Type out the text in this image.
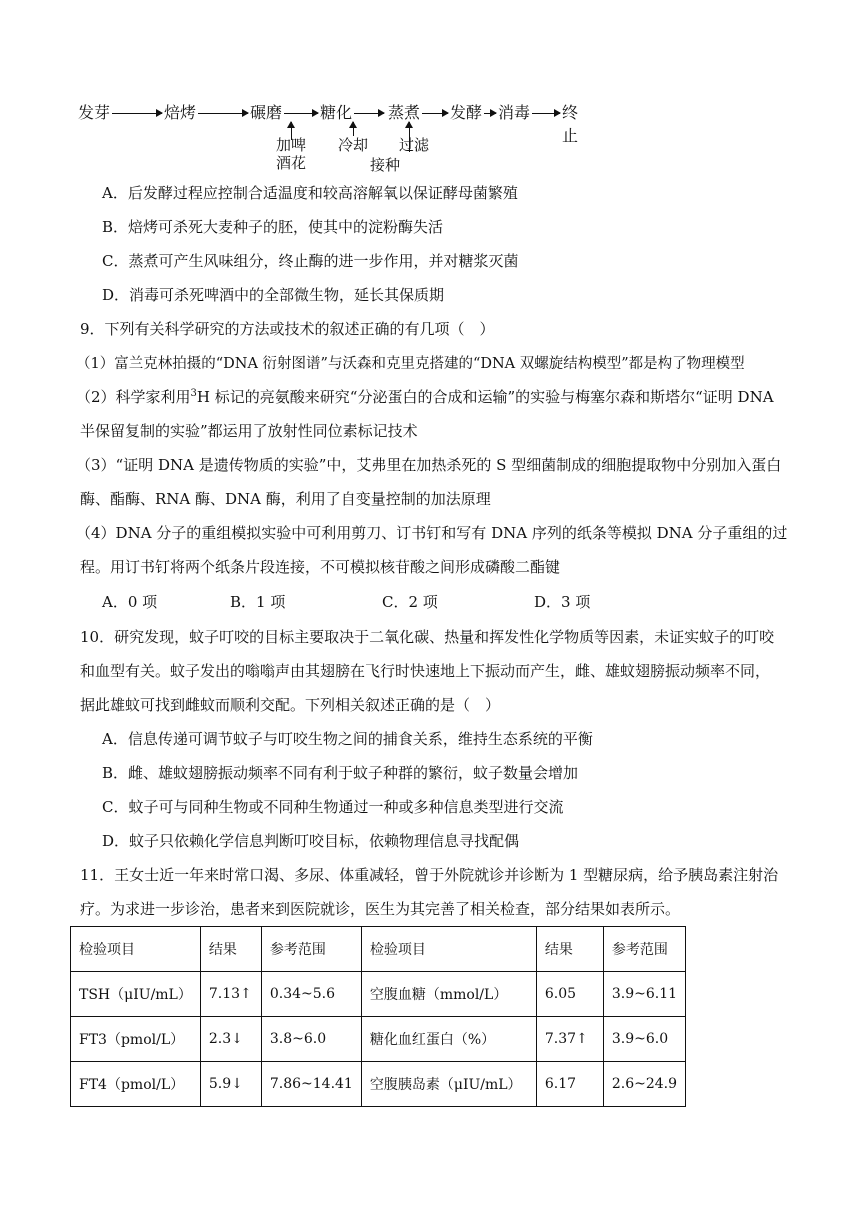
发芽	焙烤	碾磨 糖化 蒸煮 发酵 消毒 终止
加啤
酒花
冷却
接种
过滤
A．后发酵过程应控制合适温度和较高溶解氧以保证酵母菌繁殖
B．焙烤可杀死大麦种子的胚，使其中的淀粉酶失活
C．蒸煮可产生风味组分，终止酶的进一步作用，并对糖浆灭菌
D．消毒可杀死啤酒中的全部微生物，延长其保质期
9．下列有关科学研究的方法或技术的叙述正确的有几项（　）
（1）富兰克林拍摄的“DNA 衍射图谱”与沃森和克里克搭建的“DNA 双螺旋结构模型”都是构了物理模型
（2）科学家利用$^3$H 标记的亮氨酸来研究“分泌蛋白的合成和运输”的实验与梅塞尔森和斯塔尔“证明 DNA
半保留复制的实验”都运用了放射性同位素标记技术
（3）“证明 DNA 是遗传物质的实验”中，艾弗里在加热杀死的 S 型细菌制成的细胞提取物中分别加入蛋白
酶、酯酶、RNA 酶、DNA 酶，利用了自变量控制的加法原理
（4）DNA 分子的重组模拟实验中可利用剪刀、订书钉和写有 DNA 序列的纸条等模拟 DNA 分子重组的过
程。用订书钉将两个纸条片段连接，不可模拟核苷酸之间形成磷酸二酯键
A．0 项	B．1 项	C．2 项	D．3 项
10．研究发现，蚊子叮咬的目标主要取决于二氧化碳、热量和挥发性化学物质等因素，未证实蚊子的叮咬
和血型有关。蚊子发出的嗡嗡声由其翅膀在飞行时快速地上下振动而产生，雌、雄蚊翅膀振动频率不同，
据此雄蚊可找到雌蚊而顺利交配。下列相关叙述正确的是（　）
A．信息传递可调节蚊子与叮咬生物之间的捕食关系，维持生态系统的平衡
B．雌、雄蚊翅膀振动频率不同有利于蚊子种群的繁衍，蚊子数量会增加
C．蚊子可与同种生物或不同种生物通过一种或多种信息类型进行交流
D．蚊子只依赖化学信息判断叮咬目标，依赖物理信息寻找配偶
11．王女士近一年来时常口渴、多尿、体重减轻，曾于外院就诊并诊断为 1 型糖尿病，给予胰岛素注射治
疗。为求进一步诊治，患者来到医院就诊，医生为其完善了相关检查，部分结果如表所示。
检验项目	结果	参考范围	检验项目	结果	参考范围
TSH（μIU/mL）	7.13↑	0.34~5.6	空腹血糖（mmol/L）	6.05	3.9~6.11
FT3（pmol/L）	2.3↓	3.8~6.0	糖化血红蛋白（%）	7.37↑	3.9~6.0
FT4（pmol/L）	5.9↓	7.86~14.41	空腹胰岛素（μIU/mL）	6.17	2.6~24.9
